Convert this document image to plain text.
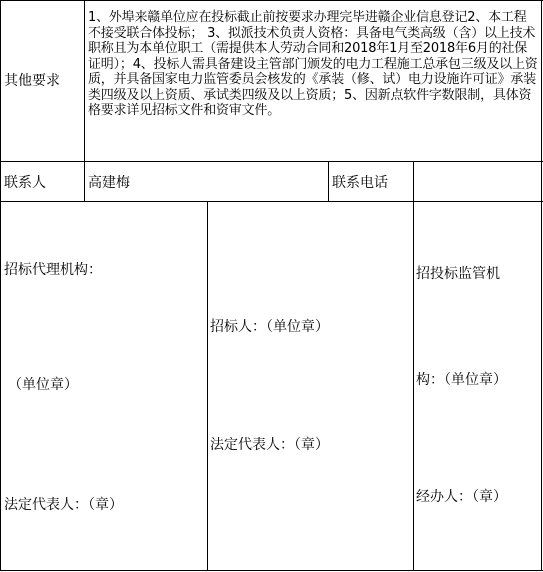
其他要求
1、外埠来赣单位应在投标截止前按要求办理完毕进赣企业信息登记2、本工程不接受联合体投标； 3、拟派技术负责人资格：具备电气类高级（含）以上技术职称且为本单位职工（需提供本人劳动合同和2018年1月至2018年6月的社保证明）；4、投标人需具备建设主管部门颁发的电力工程施工总承包三级及以上资质，并具备国家电力监管委员会核发的《承装（修、试）电力设施许可证》承装类四级及以上资质、承试类四级及以上资质；5、因新点软件字数限制，具体资格要求详见招标文件和资审文件。
联系人	高建梅	联系电话
招标代理机构：
（单位章）
法定代表人：（章）
招标人：（单位章）
法定代表人：（章）
招投标监管机
构：（单位章）
经办人：（章）
